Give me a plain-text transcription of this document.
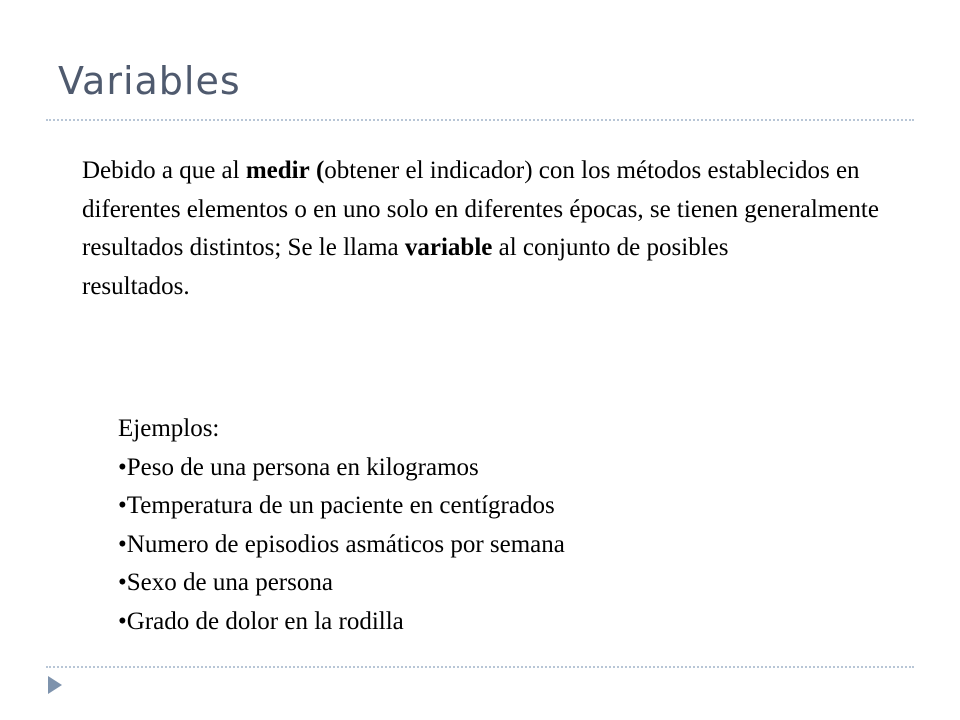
Variables

Debido a que al medir (obtener el indicador) con los métodos establecidos en diferentes elementos o en uno solo en diferentes épocas, se tienen generalmente resultados distintos; Se le llama variable al conjunto de posibles

resultados.

Ejemplos:
• Peso de una persona en kilogramos
• Temperatura de un paciente en centígrados
• Numero de episodios asmáticos por semana
• Sexo de una persona
• Grado de dolor en la rodilla
